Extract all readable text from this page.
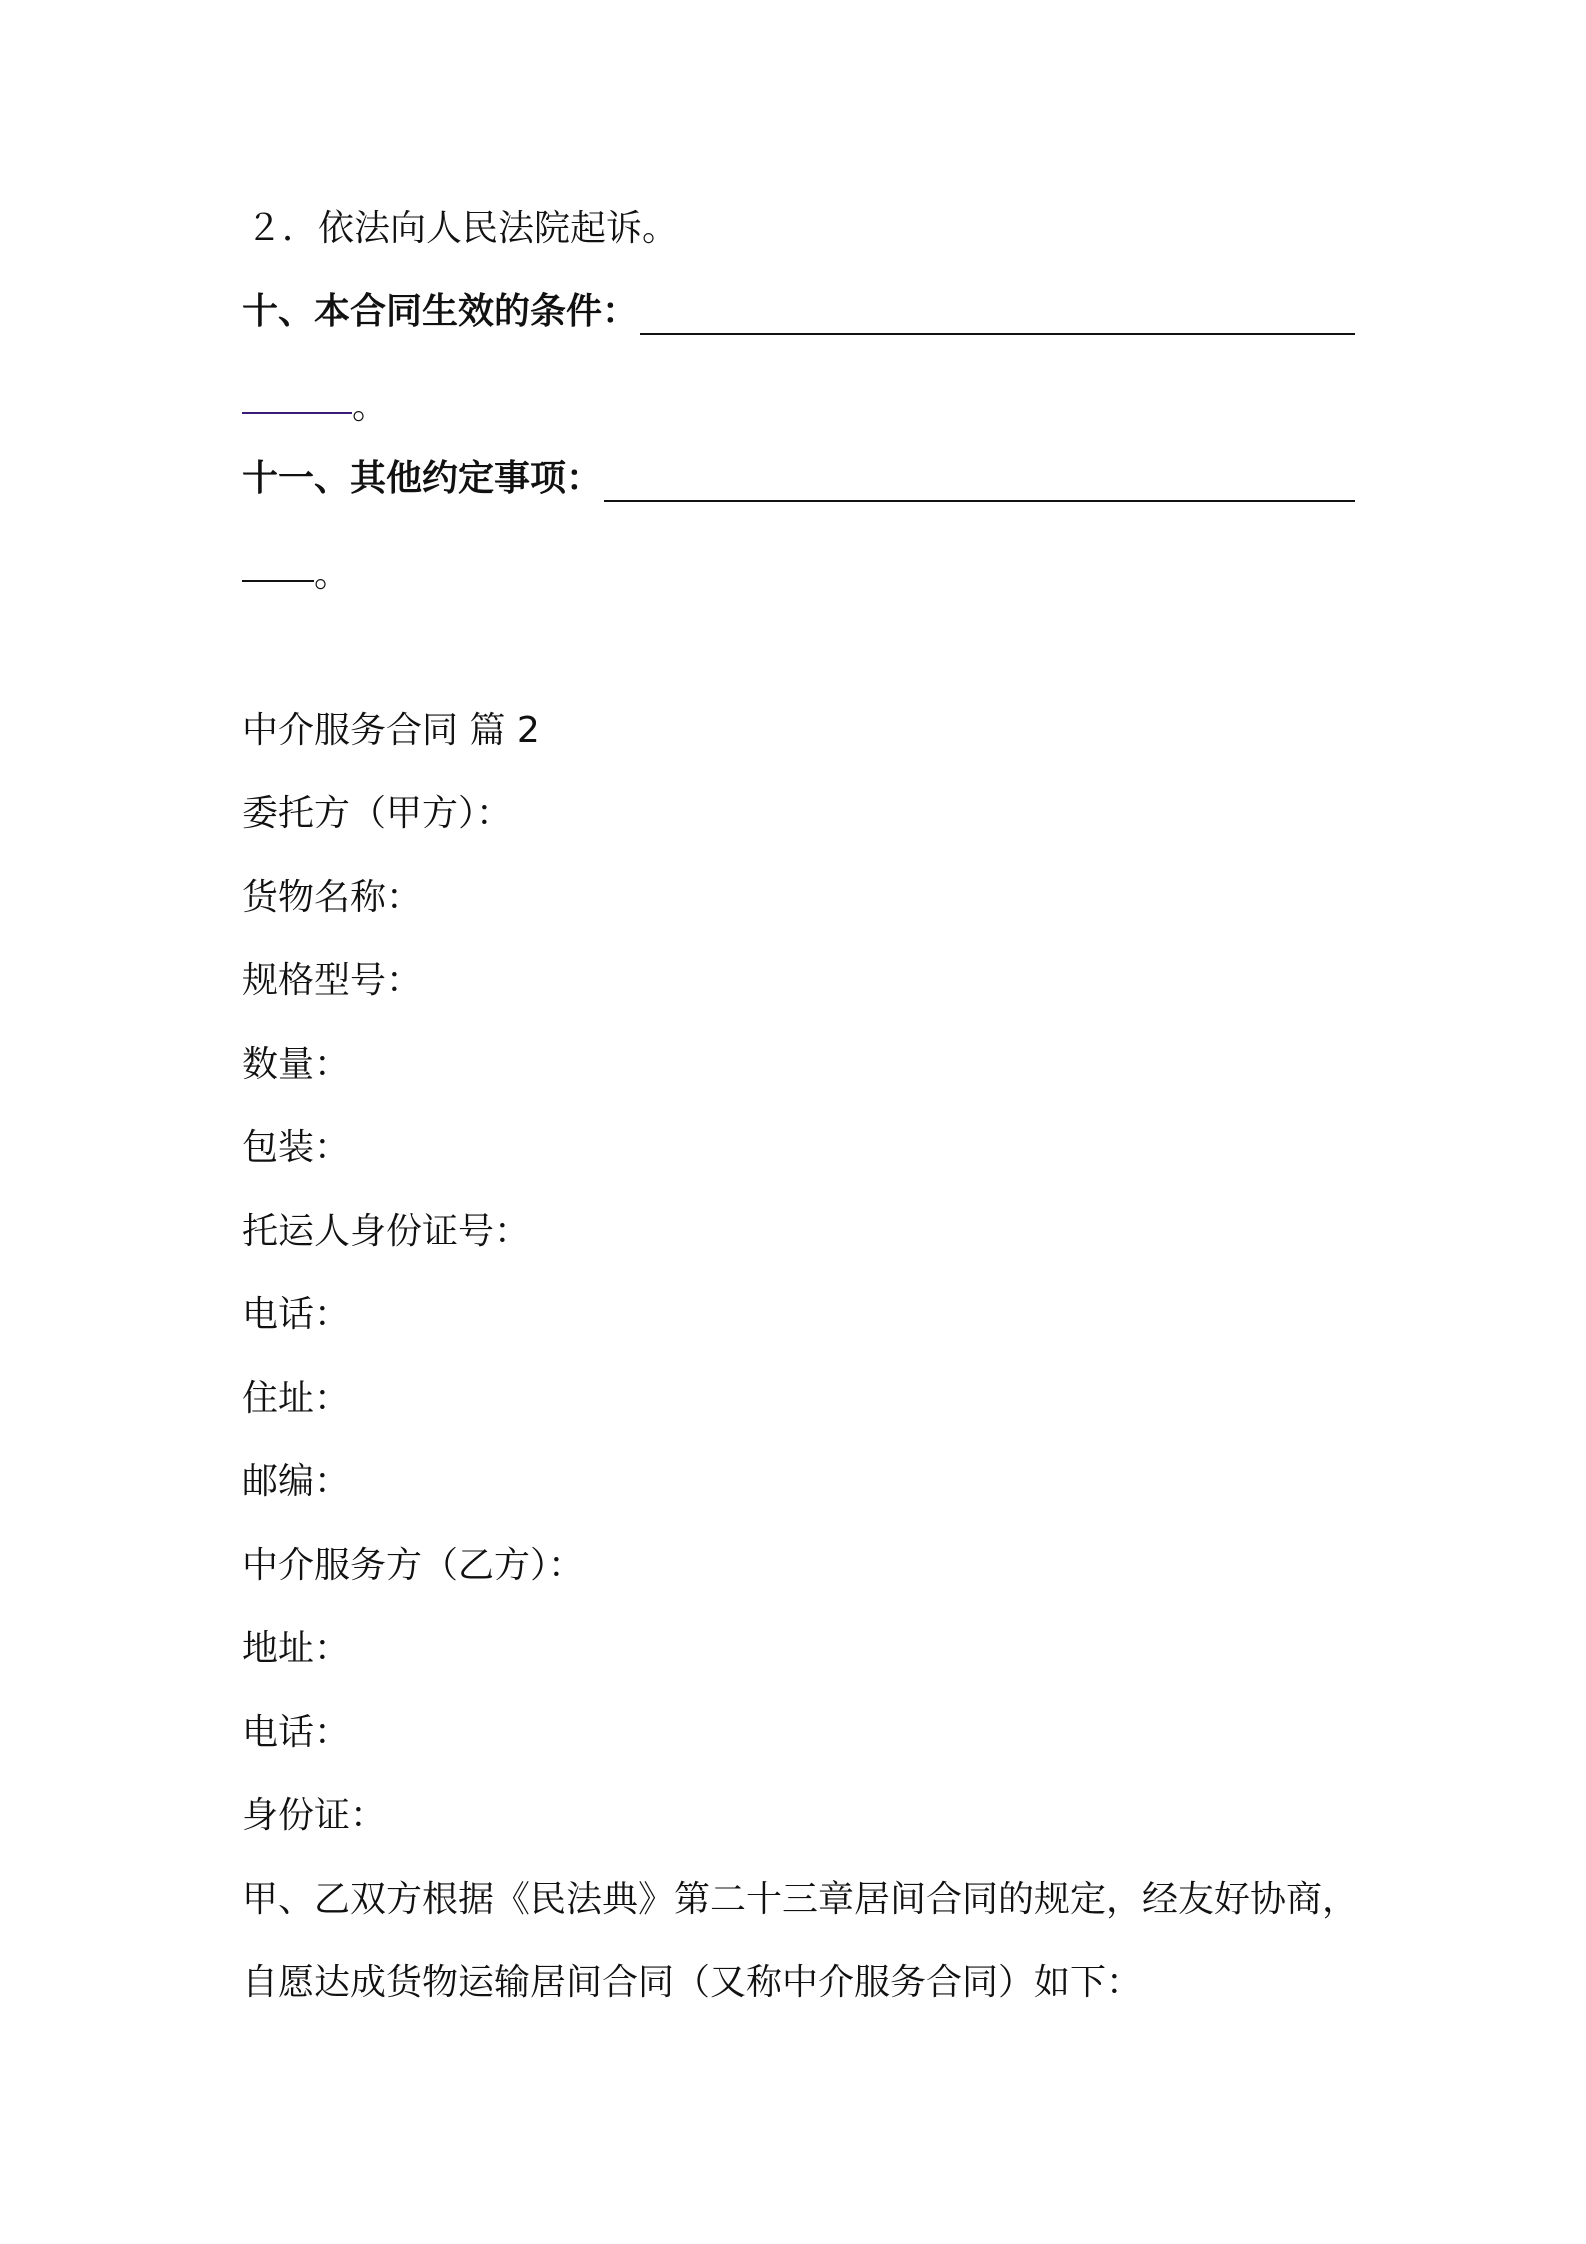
２．依法向人民法院起诉。
十、本合同生效的条件：
。
十一、其他约定事项：
。
中介服务合同 篇 2
委托方（甲方）：
货物名称：
规格型号：
数量：
包装：
托运人身份证号：
电话：
住址：
邮编：
中介服务方（乙方）：
地址：
电话：
身份证：
甲、乙双方根据《民法典》第二十三章居间合同的规定，经友好协商，
自愿达成货物运输居间合同（又称中介服务合同）如下：
